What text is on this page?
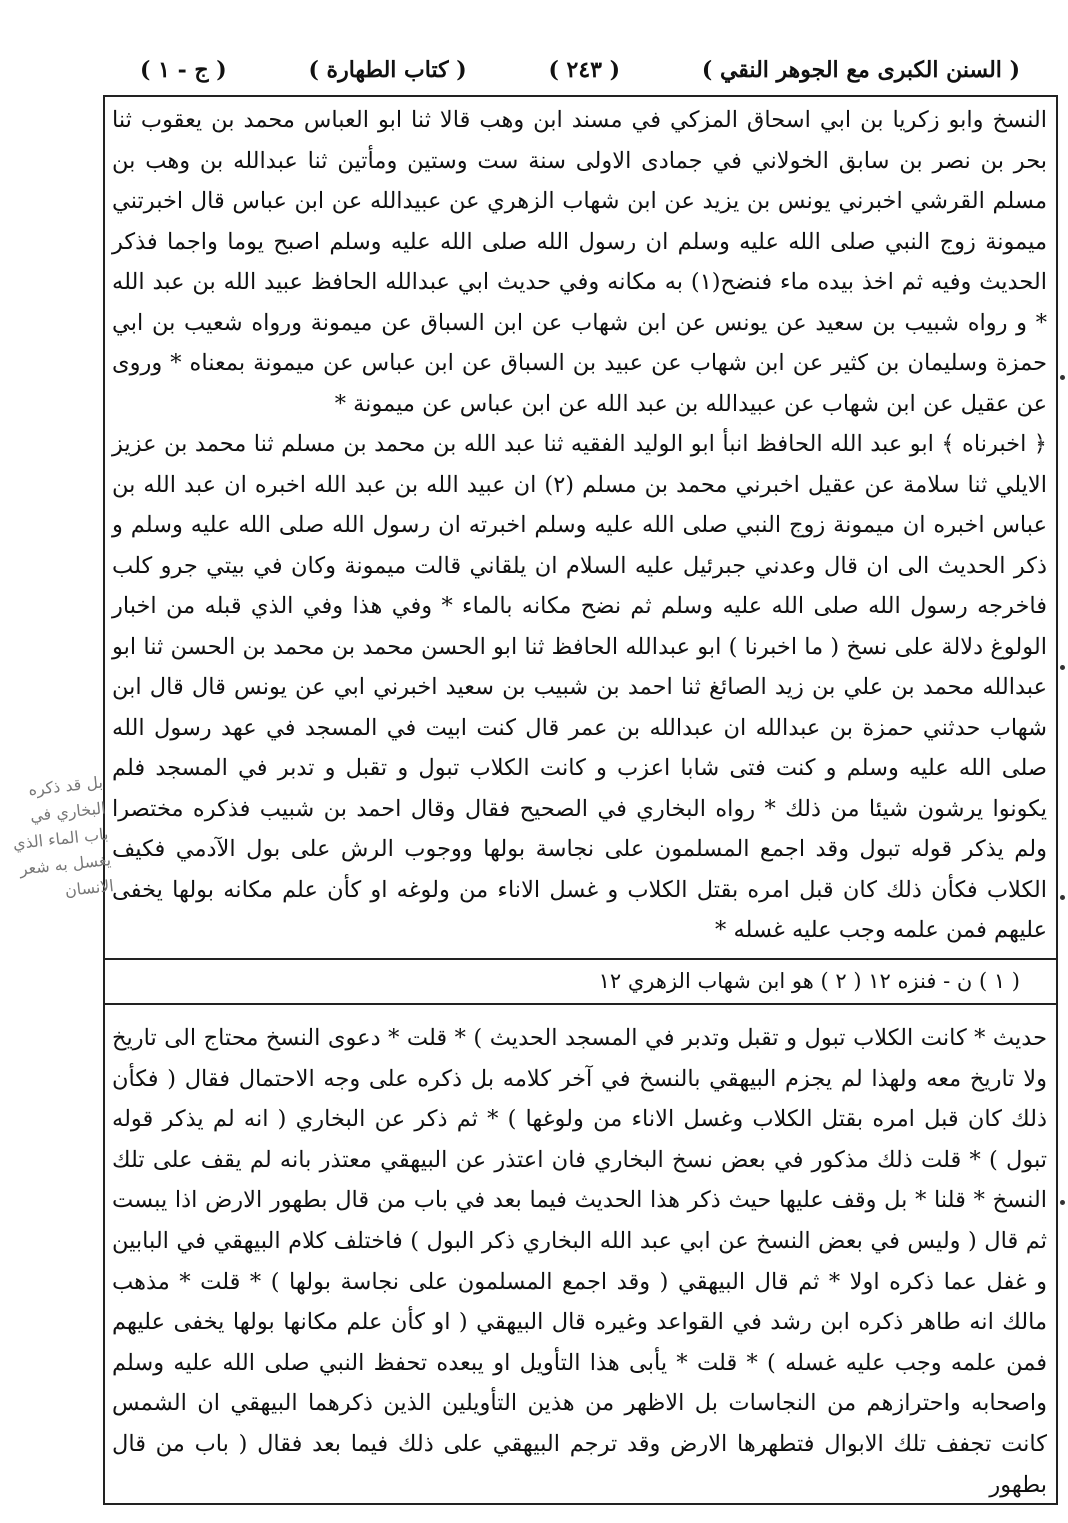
( السنن الكبرى مع الجوهر النقي )
( ٢٤٣ )
( كتاب الطهارة )
( ج - ١ )

النسخ وابو زكريا بن ابي اسحاق المزكي في مسند ابن وهب قالا ثنا ابو العباس محمد بن يعقوب ثنا بحر بن نصر بن سابق الخولاني في جمادى الاولى سنة ست وستين ومأتين ثنا عبدالله بن وهب بن مسلم القرشي اخبرني يونس بن يزيد عن ابن شهاب الزهري عن عبيدالله عن ابن عباس قال اخبرتني ميمونة زوج النبي صلى الله عليه وسلم ان رسول الله صلى الله عليه وسلم اصبح يوما واجما فذكر الحديث وفيه ثم اخذ بيده ماء فنضح(١) به مكانه وفي حديث ابي عبدالله الحافظ عبيد الله بن عبد الله * و رواه شبيب بن سعيد عن يونس عن ابن شهاب عن ابن السباق عن ميمونة ورواه شعيب بن ابي حمزة وسليمان بن كثير عن ابن شهاب عن عبيد بن السباق عن ابن عباس عن ميمونة بمعناه * وروى عن عقيل عن ابن شهاب عن عبيدالله بن عبد الله عن ابن عباس عن ميمونة *

﴿ اخبرناه ﴾ ابو عبد الله الحافظ انبأ ابو الوليد الفقيه ثنا عبد الله بن محمد بن مسلم ثنا محمد بن عزيز الايلي ثنا سلامة عن عقيل اخبرني محمد بن مسلم (٢) ان عبيد الله بن عبد الله اخبره ان عبد الله بن عباس اخبره ان ميمونة زوج النبي صلى الله عليه وسلم اخبرته ان رسول الله صلى الله عليه وسلم و ذكر الحديث الى ان قال وعدني جبرئيل عليه السلام ان يلقاني قالت ميمونة وكان في بيتي جرو كلب فاخرجه رسول الله صلى الله عليه وسلم ثم نضح مكانه بالماء * وفي هذا وفي الذي قبله من اخبار الولوغ دلالة على نسخ ( ما اخبرنا ) ابو عبدالله الحافظ ثنا ابو الحسن محمد بن محمد بن الحسن ثنا ابو عبدالله محمد بن علي بن زيد الصائغ ثنا احمد بن شبيب بن سعيد اخبرني ابي عن يونس قال قال ابن شهاب حدثني حمزة بن عبدالله ان عبدالله بن عمر قال كنت ابيت في المسجد في عهد رسول الله صلى الله عليه وسلم و كنت فتى شابا اعزب و كانت الكلاب تبول و تقبل و تدبر في المسجد فلم يكونوا يرشون شيئا من ذلك * رواه البخاري في الصحيح فقال وقال احمد بن شبيب فذكره مختصرا ولم يذكر قوله تبول وقد اجمع المسلمون على نجاسة بولها ووجوب الرش على بول الآدمي فكيف الكلاب فكأن ذلك كان قبل امره بقتل الكلاب و غسل الاناء من ولوغه او كأن علم مكانه بولها يخفى عليهم فمن علمه وجب عليه غسله *

( ١ ) ن - فنزه ١٢ ( ٢ ) هو ابن شهاب الزهري ١٢

حديث * كانت الكلاب تبول و تقبل وتدبر في المسجد الحديث ) * قلت * دعوى النسخ محتاج الى تاريخ ولا تاريخ معه ولهذا لم يجزم البيهقي بالنسخ في آخر كلامه بل ذكره على وجه الاحتمال فقال ( فكأن ذلك كان قبل امره بقتل الكلاب وغسل الاناء من ولوغها ) * ثم ذكر عن البخاري ( انه لم يذكر قوله تبول ) * قلت ذلك مذكور في بعض نسخ البخاري فان اعتذر عن البيهقي معتذر بانه لم يقف على تلك النسخ * قلنا * بل وقف عليها حيث ذكر هذا الحديث فيما بعد في باب من قال بطهور الارض اذا يبست ثم قال ( وليس في بعض النسخ عن ابي عبد الله البخاري ذكر البول ) فاختلف كلام البيهقي في البابين و غفل عما ذكره اولا * ثم قال البيهقي ( وقد اجمع المسلمون على نجاسة بولها ) * قلت * مذهب مالك انه طاهر ذكره ابن رشد في القواعد وغيره قال البيهقي ( او كأن علم مكانها بولها يخفى عليهم فمن علمه وجب عليه غسله ) * قلت * يأبى هذا التأويل او يبعده تحفظ النبي صلى الله عليه وسلم واصحابه واحترازهم من النجاسات بل الاظهر من هذين التأويلين الذين ذكرهما البيهقي ان الشمس كانت تجفف تلك الابوال فتطهرها الارض وقد ترجم البيهقي على ذلك فيما بعد فقال ( باب من قال بطهور

بل قد ذكره البخاري في باب الماء الذي يغسل به شعر الانسان
